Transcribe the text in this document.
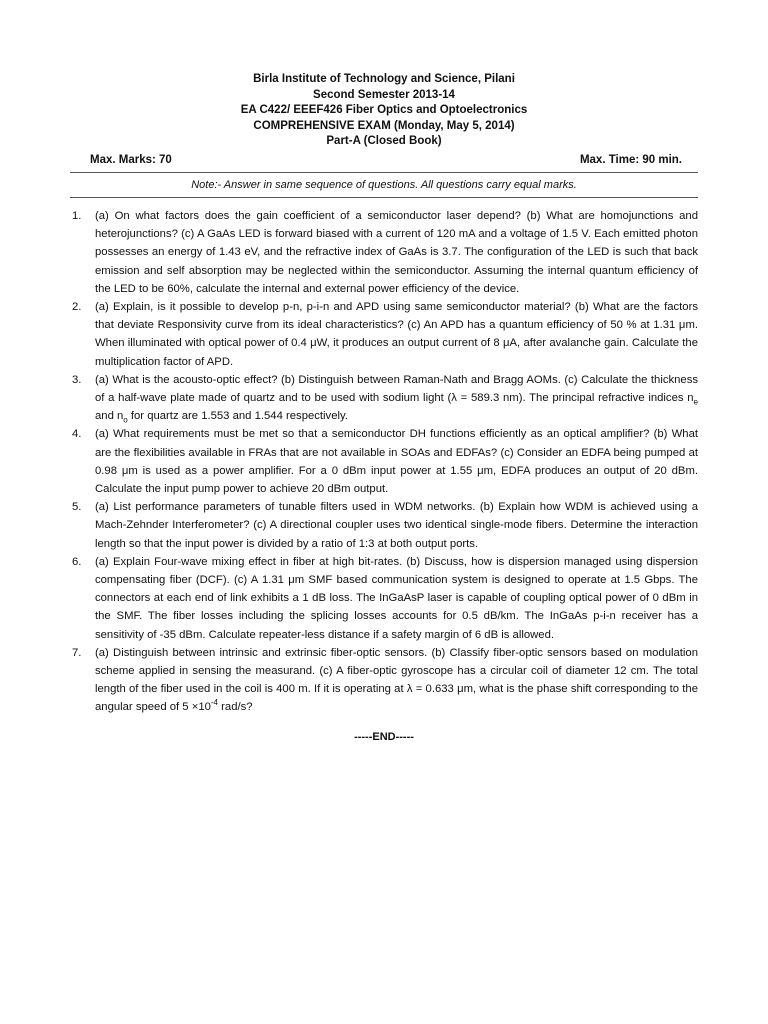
Birla Institute of Technology and Science, Pilani
Second Semester 2013-14
EA C422/ EEEF426 Fiber Optics and Optoelectronics
COMPREHENSIVE EXAM (Monday, May 5, 2014)
Part-A (Closed Book)
Max. Marks: 70	Max. Time: 90 min.
Note:- Answer in same sequence of questions. All questions carry equal marks.
1. (a) On what factors does the gain coefficient of a semiconductor laser depend? (b) What are homojunctions and heterojunctions? (c) A GaAs LED is forward biased with a current of 120 mA and a voltage of 1.5 V. Each emitted photon possesses an energy of 1.43 eV, and the refractive index of GaAs is 3.7. The configuration of the LED is such that back emission and self absorption may be neglected within the semiconductor. Assuming the internal quantum efficiency of the LED to be 60%, calculate the internal and external power efficiency of the device.
2. (a) Explain, is it possible to develop p-n, p-i-n and APD using same semiconductor material? (b) What are the factors that deviate Responsivity curve from its ideal characteristics? (c) An APD has a quantum efficiency of 50 % at 1.31 μm. When illuminated with optical power of 0.4 μW, it produces an output current of 8 μA, after avalanche gain. Calculate the multiplication factor of APD.
3. (a) What is the acousto-optic effect? (b) Distinguish between Raman-Nath and Bragg AOMs. (c) Calculate the thickness of a half-wave plate made of quartz and to be used with sodium light (λ = 589.3 nm). The principal refractive indices $n_e$ and $n_o$ for quartz are 1.553 and 1.544 respectively.
4. (a) What requirements must be met so that a semiconductor DH functions efficiently as an optical amplifier? (b) What are the flexibilities available in FRAs that are not available in SOAs and EDFAs? (c) Consider an EDFA being pumped at 0.98 μm is used as a power amplifier. For a 0 dBm input power at 1.55 μm, EDFA produces an output of 20 dBm. Calculate the input pump power to achieve 20 dBm output.
5. (a) List performance parameters of tunable filters used in WDM networks. (b) Explain how WDM is achieved using a Mach-Zehnder Interferometer? (c) A directional coupler uses two identical single-mode fibers. Determine the interaction length so that the input power is divided by a ratio of 1:3 at both output ports.
6. (a) Explain Four-wave mixing effect in fiber at high bit-rates. (b) Discuss, how is dispersion managed using dispersion compensating fiber (DCF). (c) A 1.31 μm SMF based communication system is designed to operate at 1.5 Gbps. The connectors at each end of link exhibits a 1 dB loss. The InGaAsP laser is capable of coupling optical power of 0 dBm in the SMF. The fiber losses including the splicing losses accounts for 0.5 dB/km. The InGaAs p-i-n receiver has a sensitivity of -35 dBm. Calculate repeater-less distance if a safety margin of 6 dB is allowed.
7. (a) Distinguish between intrinsic and extrinsic fiber-optic sensors. (b) Classify fiber-optic sensors based on modulation scheme applied in sensing the measurand. (c) A fiber-optic gyroscope has a circular coil of diameter 12 cm. The total length of the fiber used in the coil is 400 m. If it is operating at λ = 0.633 μm, what is the phase shift corresponding to the angular speed of $5 \times 10^{-4}$ rad/s?
-----END-----
